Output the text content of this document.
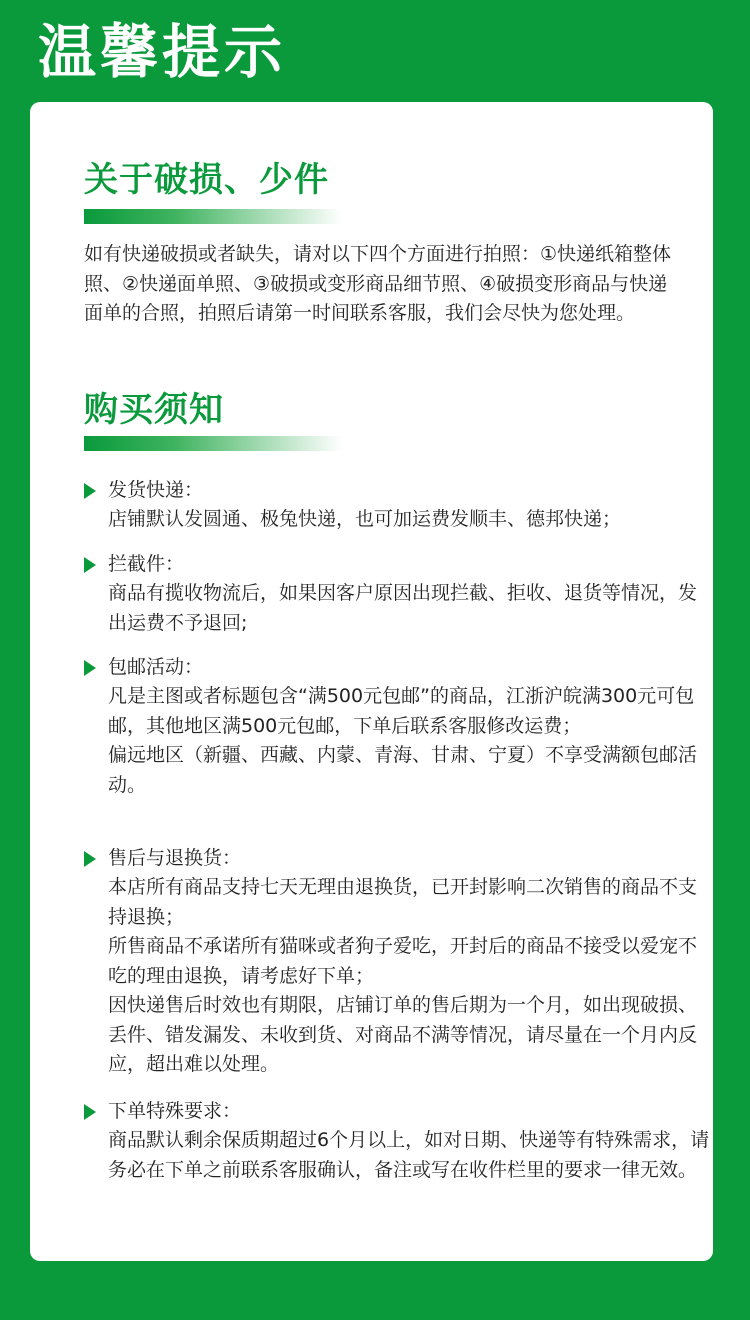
温馨提示
关于破损、少件
如有快递破损或者缺失，请对以下四个方面进行拍照：①快递纸箱整体照、②快递面单照、③破损或变形商品细节照、④破损变形商品与快递面单的合照，拍照后请第一时间联系客服，我们会尽快为您处理。
购买须知
发货快递：

店铺默认发圆通、极兔快递，也可加运费发顺丰、德邦快递；

拦截件：

商品有揽收物流后，如果因客户原因出现拦截、拒收、退货等情况，发出运费不予退回;

包邮活动：

凡是主图或者标题包含“满500元包邮”的商品，江浙沪皖满300元可包邮，其他地区满500元包邮，下单后联系客服修改运费；

偏远地区（新疆、西藏、内蒙、青海、甘肃、宁夏）不享受满额包邮活动。

售后与退换货：

本店所有商品支持七天无理由退换货，已开封影响二次销售的商品不支持退换；

所售商品不承诺所有猫咪或者狗子爱吃，开封后的商品不接受以爱宠不吃的理由退换，请考虑好下单；

因快递售后时效也有期限，店铺订单的售后期为一个月，如出现破损、丢件、错发漏发、未收到货、对商品不满等情况，请尽量在一个月内反应，超出难以处理。

下单特殊要求：

商品默认剩余保质期超过6个月以上，如对日期、快递等有特殊需求，请务必在下单之前联系客服确认，备注或写在收件栏里的要求一律无效。
